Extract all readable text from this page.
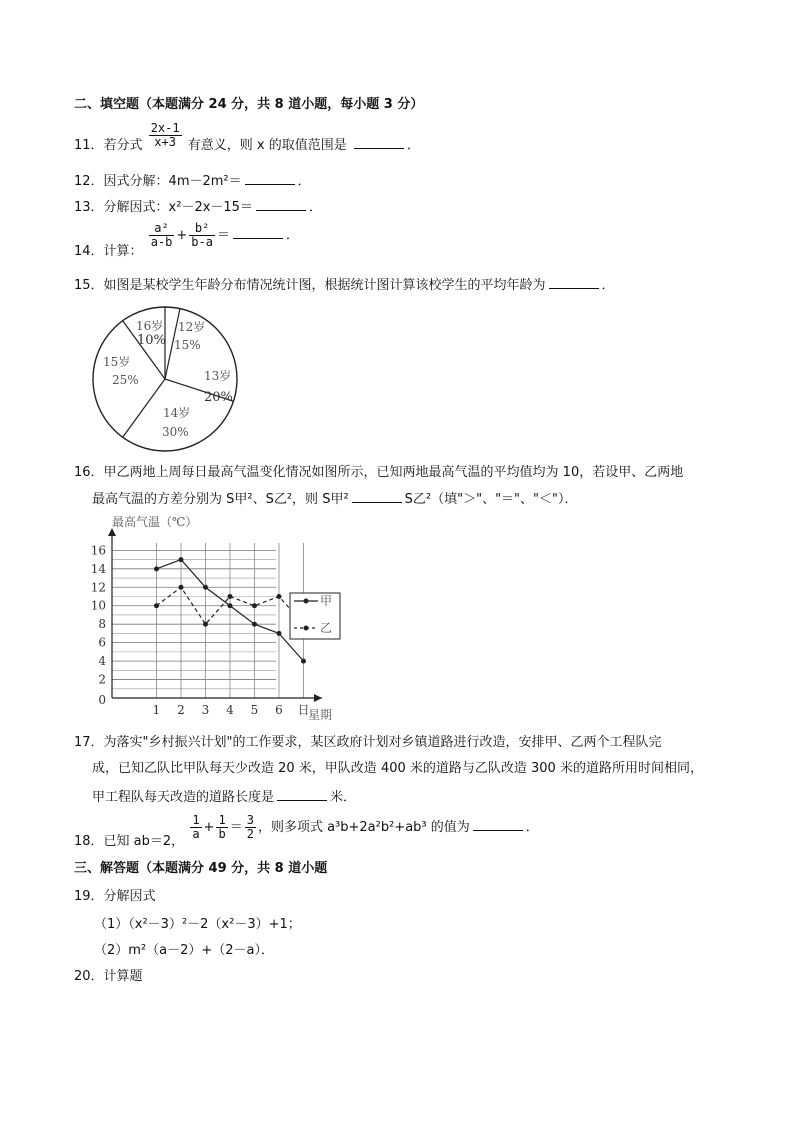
二、填空题（本题满分 24 分，共 8 道小题，每小题 3 分）
11．若分式 $\frac{2x-1}{x+3}$ 有意义，则 x 的取值范围是	．
12．因式分解：4m－2m²＝	．
13．分解因式：x²－2x－15＝	．
14．计算：
$\frac{\text{a²}}{a-b} + \frac{\text{b²}}{b-a}$ ＝	．
15．如图是某校学生年龄分布情况统计图，根据统计图计算该校学生的平均年龄为	．
12岁
15%
13岁
20%
14岁
30%
15岁
25%
16岁
10%
16．甲乙两地上周每日最高气温变化情况如图所示，已知两地最高气温的平均值均为 10，若设甲、乙两地
最高气温的方差分别为 S甲²、S乙²，则 S甲²	S乙²（填"＞"、"＝"、"＜"）．
最高气温（℃）
星期
0
2
4
6
8
10
12
14
16
1 2 3 4 5 6 日
甲
乙
17．为落实"乡村振兴计划"的工作要求，某区政府计划对乡镇道路进行改造，安排甲、乙两个工程队完
成，已知乙队比甲队每天少改造 20 米，甲队改造 400 米的道路与乙队改造 300 米的道路所用时间相同，
甲工程队每天改造的道路长度是	米．
18．已知 ab＝2，
$\frac{1}{a} + \frac{1}{b} = \frac{3}{2}$ ，则多项式 a³b+2a²b²+ab³ 的值为	．
三、解答题（本题满分 49 分，共 8 道小题
19．分解因式
（1）（x²－3）²－2（x²－3）+1；
（2）m²（a－2）+（2－a）．
20．计算题
